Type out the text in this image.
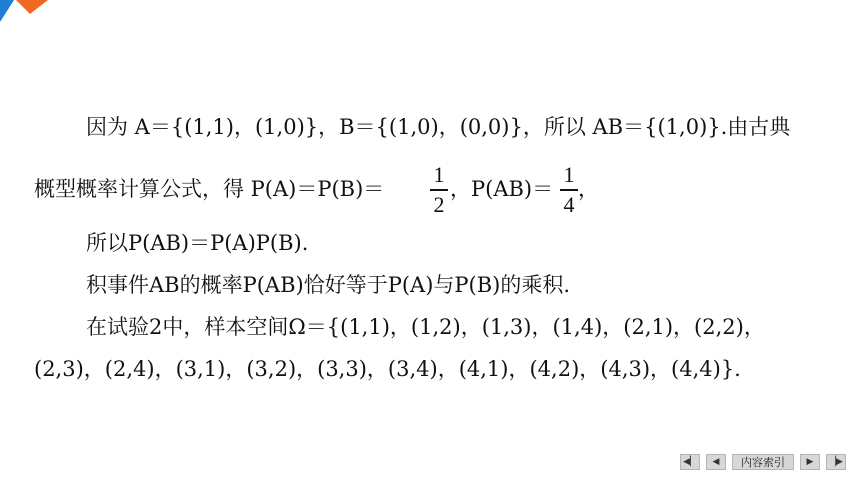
因为 A＝{(1,1)，(1,0)}，B＝{(1,0)，(0,0)}，所以 AB＝{(1,0)}.由古典
概型概率计算公式，得 P(A)＝P(B)＝
1
2
，P(AB)＝
1
4
，
所以P(AB)＝P(A)P(B).
积事件AB的概率P(AB)恰好等于P(A)与P(B)的乘积.
在试验2中，样本空间Ω＝{(1,1)，(1,2)，(1,3)，(1,4)，(2,1)，(2,2)，
(2,3)，(2,4)，(3,1)，(3,2)，(3,3)，(3,4)，(4,1)，(4,2)，(4,3)，(4,4)}.
◀▏	◀	内容索引	▶	▕▶
